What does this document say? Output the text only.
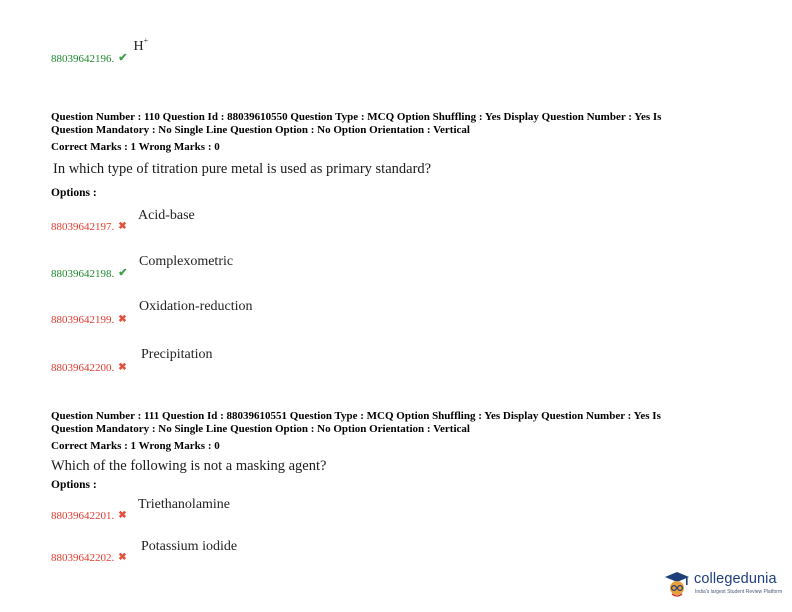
88039642196. ✔ H+
Question Number : 110 Question Id : 88039610550 Question Type : MCQ Option Shuffling : Yes Display Question Number : Yes Is
Question Mandatory : No Single Line Question Option : No Option Orientation : Vertical
Correct Marks : 1 Wrong Marks : 0
In which type of titration pure metal is used as primary standard?
Options :
88039642197. ✖
Acid-base
88039642198. ✔
Complexometric
88039642199. ✖
Oxidation-reduction
88039642200. ✖
Precipitation
Question Number : 111 Question Id : 88039610551 Question Type : MCQ Option Shuffling : Yes Display Question Number : Yes Is
Question Mandatory : No Single Line Question Option : No Option Orientation : Vertical
Correct Marks : 1 Wrong Marks : 0
Which of the following is not a masking agent?
Options :
88039642201. ✖
Triethanolamine
88039642202. ✖
Potassium iodide
collegedunia
India's largest Student Review Platform
